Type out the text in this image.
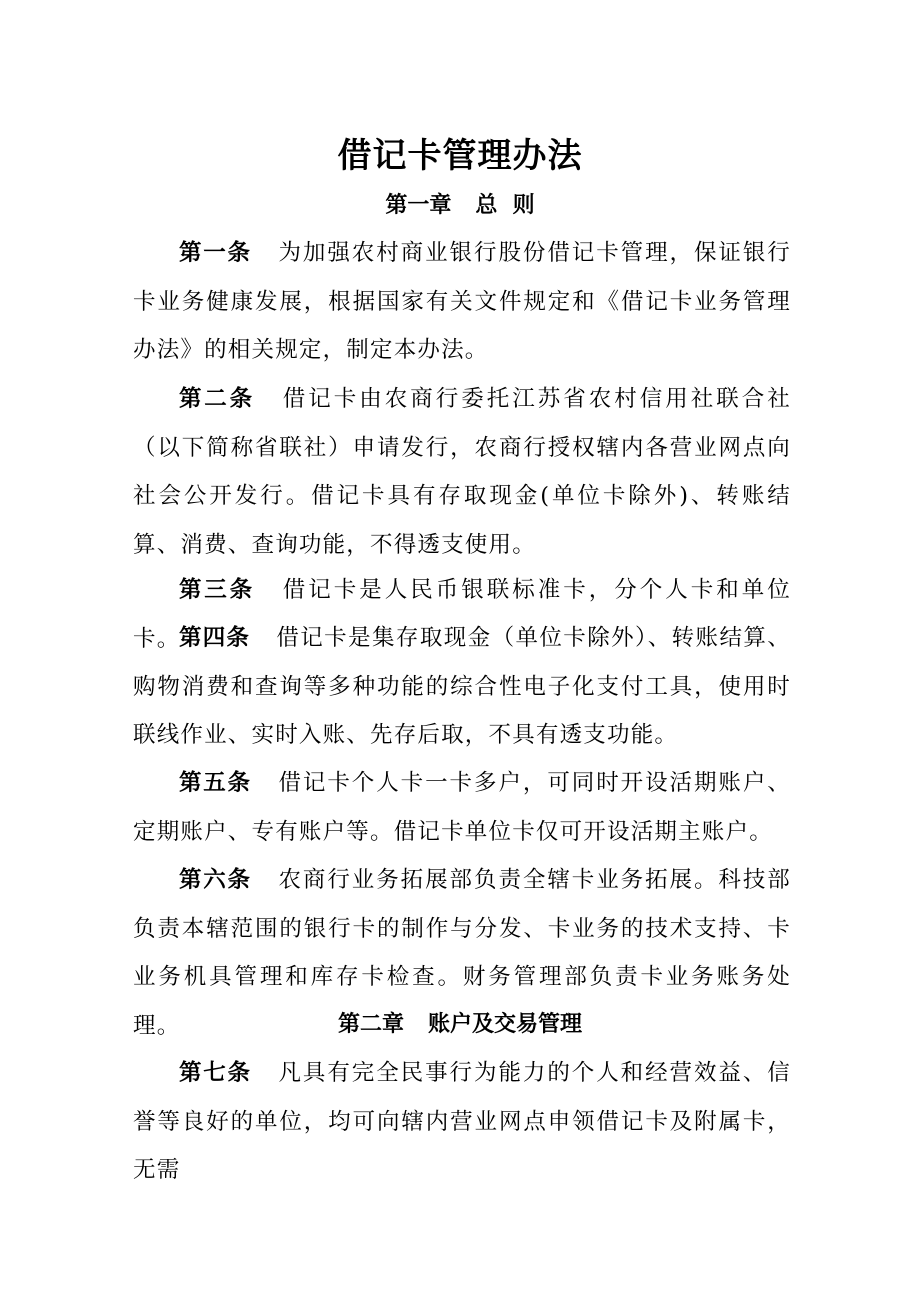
借记卡管理办法
第一章 总  则
第一条 为加强农村商业银行股份借记卡管理，保证银行卡业务健康发展，根据国家有关文件规定和《借记卡业务管理办法》的相关规定，制定本办法。
第二条 借记卡由农商行委托江苏省农村信用社联合社（以下简称省联社）申请发行，农商行授权辖内各营业网点向社会公开发行。借记卡具有存取现金(单位卡除外)、转账结算、消费、查询功能，不得透支使用。
第三条 借记卡是人民币银联标准卡，分个人卡和单位卡。
第四条 借记卡是集存取现金（单位卡除外）、转账结算、购物消费和查询等多种功能的综合性电子化支付工具，使用时联线作业、实时入账、先存后取，不具有透支功能。
第五条 借记卡个人卡一卡多户，可同时开设活期账户、定期账户、专有账户等。借记卡单位卡仅可开设活期主账户。
第六条 农商行业务拓展部负责全辖卡业务拓展。科技部负责本辖范围的银行卡的制作与分发、卡业务的技术支持、卡业务机具管理和库存卡检查。财务管理部负责卡业务账务处理。	第二章 账户及交易管理
第七条 凡具有完全民事行为能力的个人和经营效益、信誉等良好的单位，均可向辖内营业网点申领借记卡及附属卡，无需
